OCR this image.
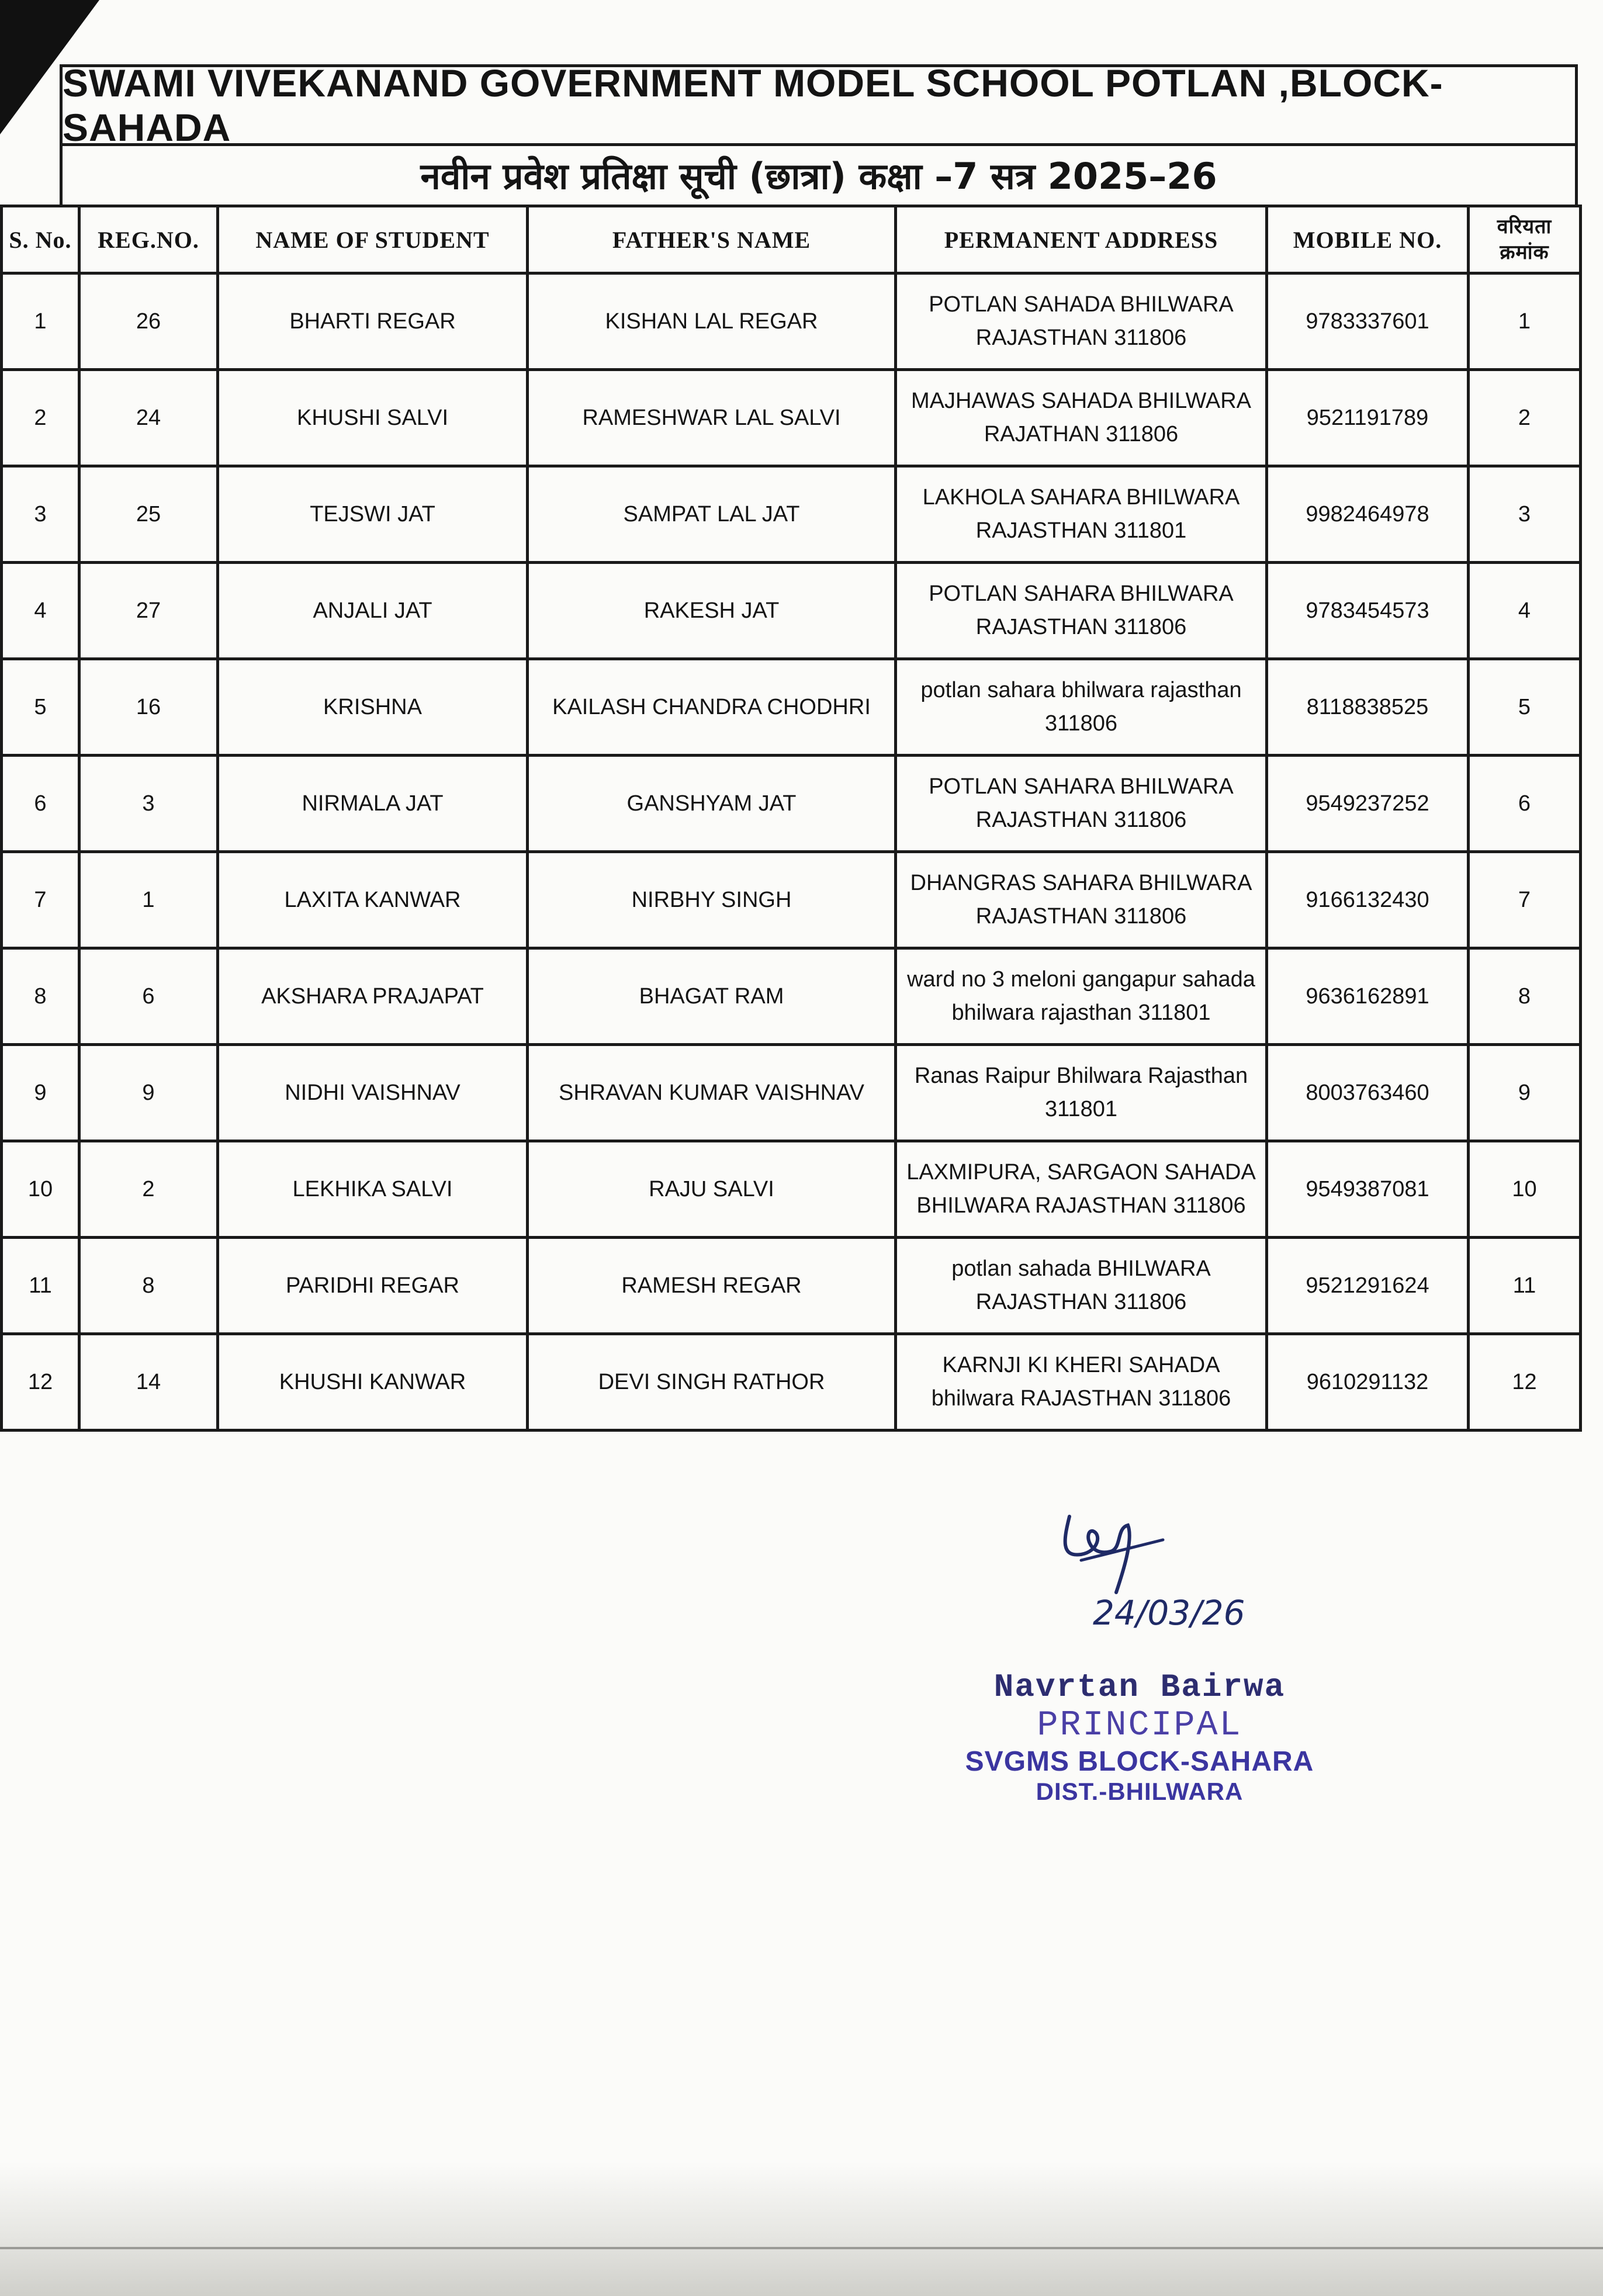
SWAMI VIVEKANAND GOVERNMENT MODEL SCHOOL POTLAN ,BLOCK-SAHADA
नवीन प्रवेश प्रतिक्षा सूची (छात्रा) कक्षा –7 सत्र 2025–26
S. No.	REG.NO.	NAME OF STUDENT	FATHER'S NAME	PERMANENT ADDRESS	MOBILE NO.	वरियता क्रमांक
1	26	BHARTI REGAR	KISHAN LAL REGAR	POTLAN SAHADA BHILWARA RAJASTHAN 311806	9783337601	1
2	24	KHUSHI SALVI	RAMESHWAR LAL SALVI	MAJHAWAS SAHADA BHILWARA RAJATHAN 311806	9521191789	2
3	25	TEJSWI JAT	SAMPAT LAL JAT	LAKHOLA SAHARA BHILWARA RAJASTHAN 311801	9982464978	3
4	27	ANJALI JAT	RAKESH JAT	POTLAN SAHARA BHILWARA RAJASTHAN 311806	9783454573	4
5	16	KRISHNA	KAILASH CHANDRA CHODHRI	potlan sahara bhilwara rajasthan 311806	8118838525	5
6	3	NIRMALA JAT	GANSHYAM JAT	POTLAN SAHARA BHILWARA RAJASTHAN 311806	9549237252	6
7	1	LAXITA KANWAR	NIRBHY SINGH	DHANGRAS SAHARA BHILWARA RAJASTHAN 311806	9166132430	7
8	6	AKSHARA PRAJAPAT	BHAGAT RAM	ward no 3 meloni gangapur sahada bhilwara rajasthan 311801	9636162891	8
9	9	NIDHI VAISHNAV	SHRAVAN KUMAR VAISHNAV	Ranas Raipur Bhilwara Rajasthan 311801	8003763460	9
10	2	LEKHIKA SALVI	RAJU SALVI	LAXMIPURA, SARGAON SAHADA BHILWARA RAJASTHAN 311806	9549387081	10
11	8	PARIDHI REGAR	RAMESH REGAR	potlan sahada BHILWARA RAJASTHAN 311806	9521291624	11
12	14	KHUSHI KANWAR	DEVI SINGH RATHOR	KARNJI KI KHERI SAHADA bhilwara RAJASTHAN 311806	9610291132	12
24/03/26
Navrtan Bairwa
PRINCIPAL
SVGMS BLOCK-SAHARA
DIST.-BHILWARA
